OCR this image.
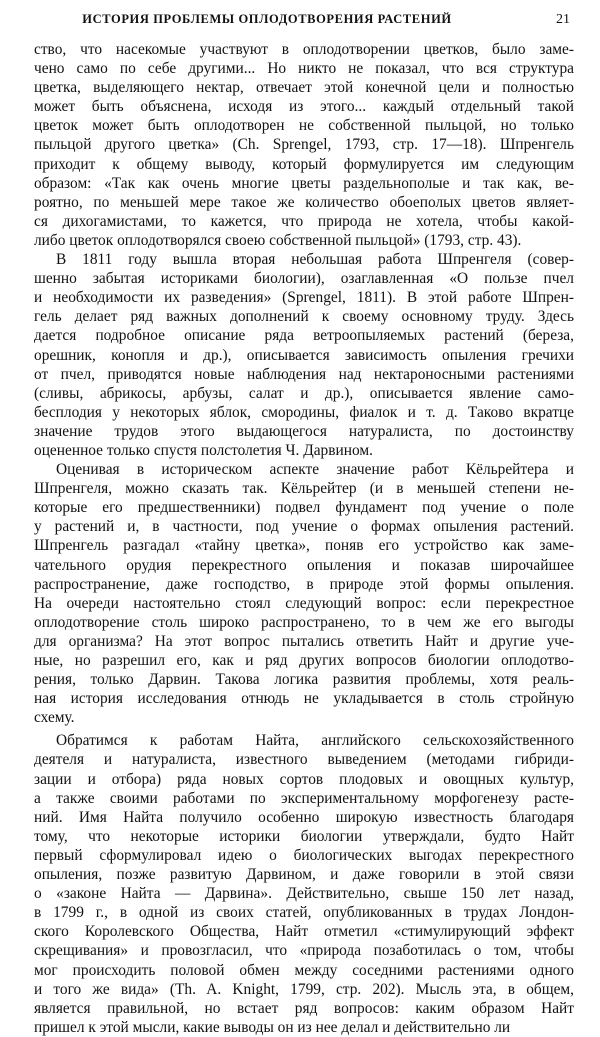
ИСТОРИЯ ПРОБЛЕМЫ ОПЛОДОТВОРЕНИЯ РАСТЕНИЙ	21
ство, что насекомые участвуют в оплодотворении цветков, было заме-
чено само по себе другими... Но никто не показал, что вся структура
цветка, выделяющего нектар, отвечает этой конечной цели и полностью
может быть объяснена, исходя из этого... каждый отдельный такой
цветок может быть оплодотворен не собственной пыльцой, но только
пыльцой другого цветка» (Ch. Sprengel, 1793, стр. 17—18). Шпренгель
приходит к общему выводу, который формулируется им следующим
образом: «Так как очень многие цветы раздельнополые и так как, ве-
роятно, по меньшей мере такое же количество обоеполых цветов являет-
ся дихогамистами, то кажется, что природа не хотела, чтобы какой-
либо цветок оплодотворялся своею собственной пыльцой» (1793, стр. 43).
В 1811 году вышла вторая небольшая работа Шпренгеля (совер-
шенно забытая историками биологии), озаглавленная «О пользе пчел
и необходимости их разведения» (Sprengel, 1811). В этой работе Шпрен-
гель делает ряд важных дополнений к своему основному труду. Здесь
дается подробное описание ряда ветроопыляемых растений (береза,
орешник, конопля и др.), описывается зависимость опыления гречихи
от пчел, приводятся новые наблюдения над нектароносными растениями
(сливы, абрикосы, арбузы, салат и др.), описывается явление само-
бесплодия у некоторых яблок, смородины, фиалок и т. д. Таково вкратце
значение трудов этого выдающегося натуралиста, по достоинству
оцененное только спустя полстолетия Ч. Дарвином.
Оценивая в историческом аспекте значение работ Кёльрейтера и
Шпренгеля, можно сказать так. Кёльрейтер (и в меньшей степени не-
которые его предшественники) подвел фундамент под учение о поле
у растений и, в частности, под учение о формах опыления растений.
Шпренгель разгадал «тайну цветка», поняв его устройство как заме-
чательного орудия перекрестного опыления и показав широчайшее
распространение, даже господство, в природе этой формы опыления.
На очереди настоятельно стоял следующий вопрос: если перекрестное
оплодотворение столь широко распространено, то в чем же его выгоды
для организма? На этот вопрос пытались ответить Найт и другие уче-
ные, но разрешил его, как и ряд других вопросов биологии оплодотво-
рения, только Дарвин. Такова логика развития проблемы, хотя реаль-
ная история исследования отнюдь не укладывается в столь стройную
схему.
Обратимся к работам Найта, английского сельскохозяйственного
деятеля и натуралиста, известного выведением (методами гибриди-
зации и отбора) ряда новых сортов плодовых и овощных культур,
а также своими работами по экспериментальному морфогенезу расте-
ний. Имя Найта получило особенно широкую известность благодаря
тому, что некоторые историки биологии утверждали, будто Найт
первый сформулировал идею о биологических выгодах перекрестного
опыления, позже развитую Дарвином, и даже говорили в этой связи
о «законе Найта — Дарвина». Действительно, свыше 150 лет назад,
в 1799 г., в одной из своих статей, опубликованных в трудах Лондон-
ского Королевского Общества, Найт отметил «стимулирующий эффект
скрещивания» и провозгласил, что «природа позаботилась о том, чтобы
мог происходить половой обмен между соседними растениями одного
и того же вида» (Th. A. Knight, 1799, стр. 202). Мысль эта, в общем,
является правильной, но встает ряд вопросов: каким образом Найт
пришел к этой мысли, какие выводы он из нее делал и действительно ли
